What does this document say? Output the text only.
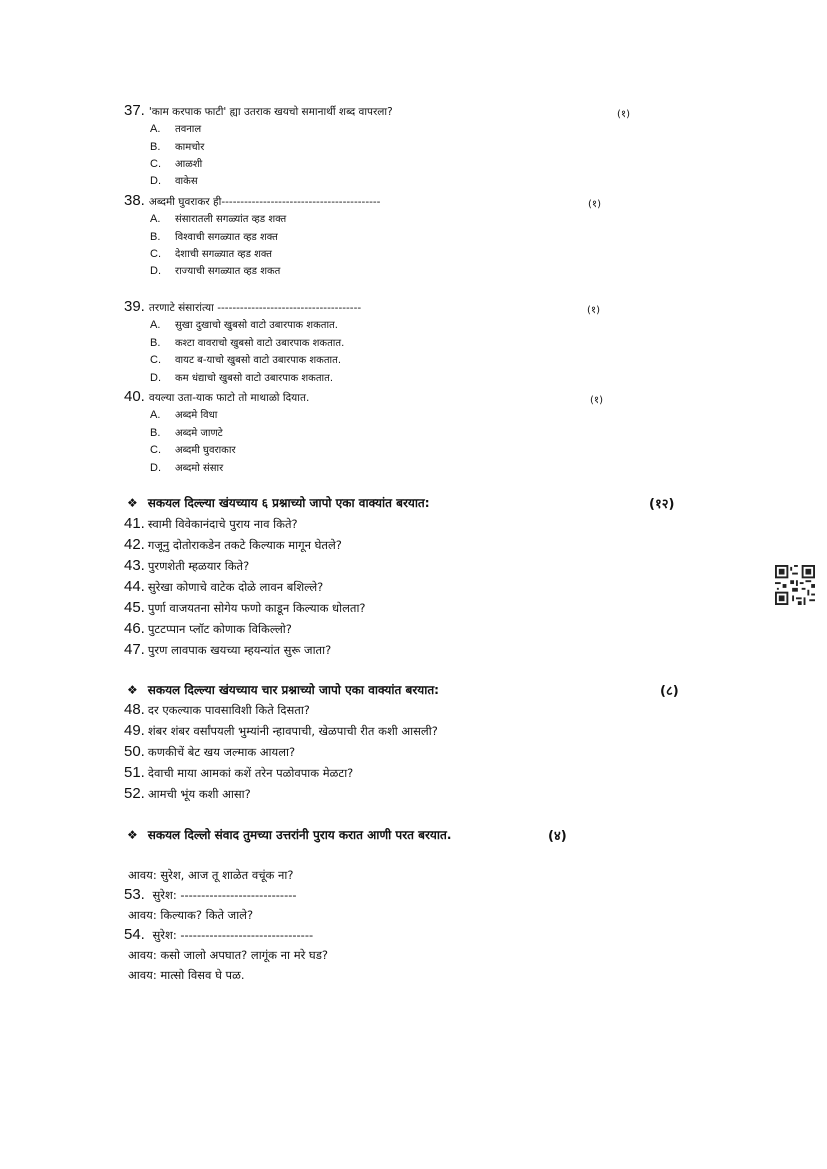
37. 'काम करपाक फाटी' ह्या उतराक खयचो समानार्थी शब्द वापरला?	(१)
A. तवनाल
B. कामचोर
C. आळशी
D. वाकेस
38. अब्दमी घुवराकर ही------------------------------------------	(१)
A. संसारातली सगळ्यांत व्हड शक्त
B. विश्वाची सगळ्यात व्हड शक्त
C. देशाची सगळ्यात व्हड शक्त
D. राज्याची सगळ्यात व्हड शकत
39. तरणाटे संसारांत्या --------------------------------------	(१)
A. सुखा दुखाचो खुबसो वाटो उबारपाक शकतात.
B. कश्टा वावराचो खुबसो वाटो उबारपाक शकतात.
C. वायट ब-याचो खुबसो वाटो उबारपाक शकतात.
D. कम धंद्याचो खुबसो वाटो उबारपाक शकतात.
40. वयल्या उता-याक फाटो तो माथाळो दियात.	(१)
A. अब्दमे विधा
B. अब्दमे जाणटे
C. अब्दमी घुवराकार
D. अब्दमो संसार
❖ सकयल दिल्ल्या खंयच्याय ६ प्रश्नाच्यो जापो एका वाक्यांत बरयात:	(१२)
41. स्वामी विवेकानंदाचे पुराय नाव किते?
42. गजूनु दोतोराकडेन तकटे किल्याक मागून घेतले?
43. पुरणशेती म्हळयार किते?
44. सुरेखा कोणाचे वाटेक दोळे लावन बशिल्ले?
45. पुर्णा वाजयतना सोगेय फणो काडून किल्याक धोलता?
46. पुटटप्पान प्लॉट कोणाक विकिल्लो?
47. पुरण लावपाक खयच्या म्हयन्यांत सुरू जाता?
❖ सकयल दिल्ल्या खंयच्याय चार प्रश्नाच्यो जापो एका वाक्यांत बरयात:	(८)
48. दर एकल्याक पावसाविशी किते दिसता?
49. शंबर शंबर वर्सांपयली भुम्यांनी न्हावपाची, खेळपाची रीत कशी आसली?
50. कणकीचें बेट खय जल्माक आयला?
51. देवाची माया आमकां कशें तरेन पळोवपाक मेळटा?
52. आमची भूंय कशी आसा?
❖ सकयल दिल्लो संवाद तुमच्या उत्तरांनी पुराय करात आणी परत बरयात.	(४)
आवय: सुरेश, आज तू शाळेत वचूंक ना?
53. सुरेश: ----------------------------
आवय: किल्याक? किते जाले?
54. सुरेश: --------------------------------
आवय: कसो जालो अपघात? लागूंक ना मरे घड?
आवय: मात्सो विसव घे पळ.
